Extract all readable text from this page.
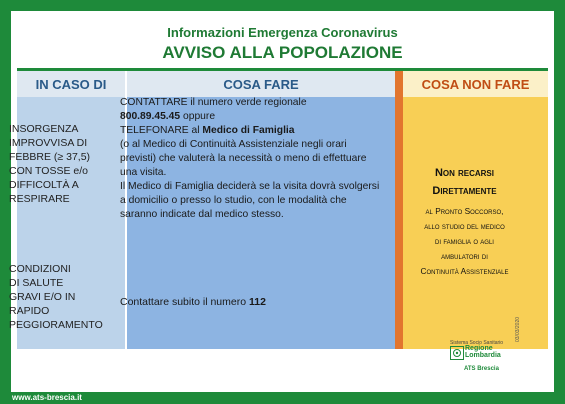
Informazioni Emergenza Coronavirus
AVVISO ALLA POPOLAZIONE
IN CASO DI	COSA FARE	COSA NON FARE
INSORGENZA
IMPROVVISA DI
FEBBRE (≥ 37,5)
CON TOSSE e/o
DIFFICOLTÀ A
RESPIRARE
CONDIZIONI
DI SALUTE
GRAVI E/O IN
RAPIDO
PEGGIORAMENTO
CONTATTARE il numero verde regionale
800.89.45.45 oppure
TELEFONARE al Medico di Famiglia
(o al Medico di Continuità Assistenziale negli orari previsti) che valuterà la necessità o meno di effettuare una visita.
Il Medico di Famiglia deciderà se la visita dovrà svolgersi a domicilio o presso lo studio, con le modalità che saranno indicate dal medico stesso.
Contattare subito il numero 112
Non recarsi
Direttamente
al Pronto Soccorso,
allo studio del medico
di famiglia o agli
ambulatori di
Continuità Assistenziale
Sistema Socio Sanitario
Regione
Lombardia
ATS Brescia
03/03/2020
www.ats-brescia.it
